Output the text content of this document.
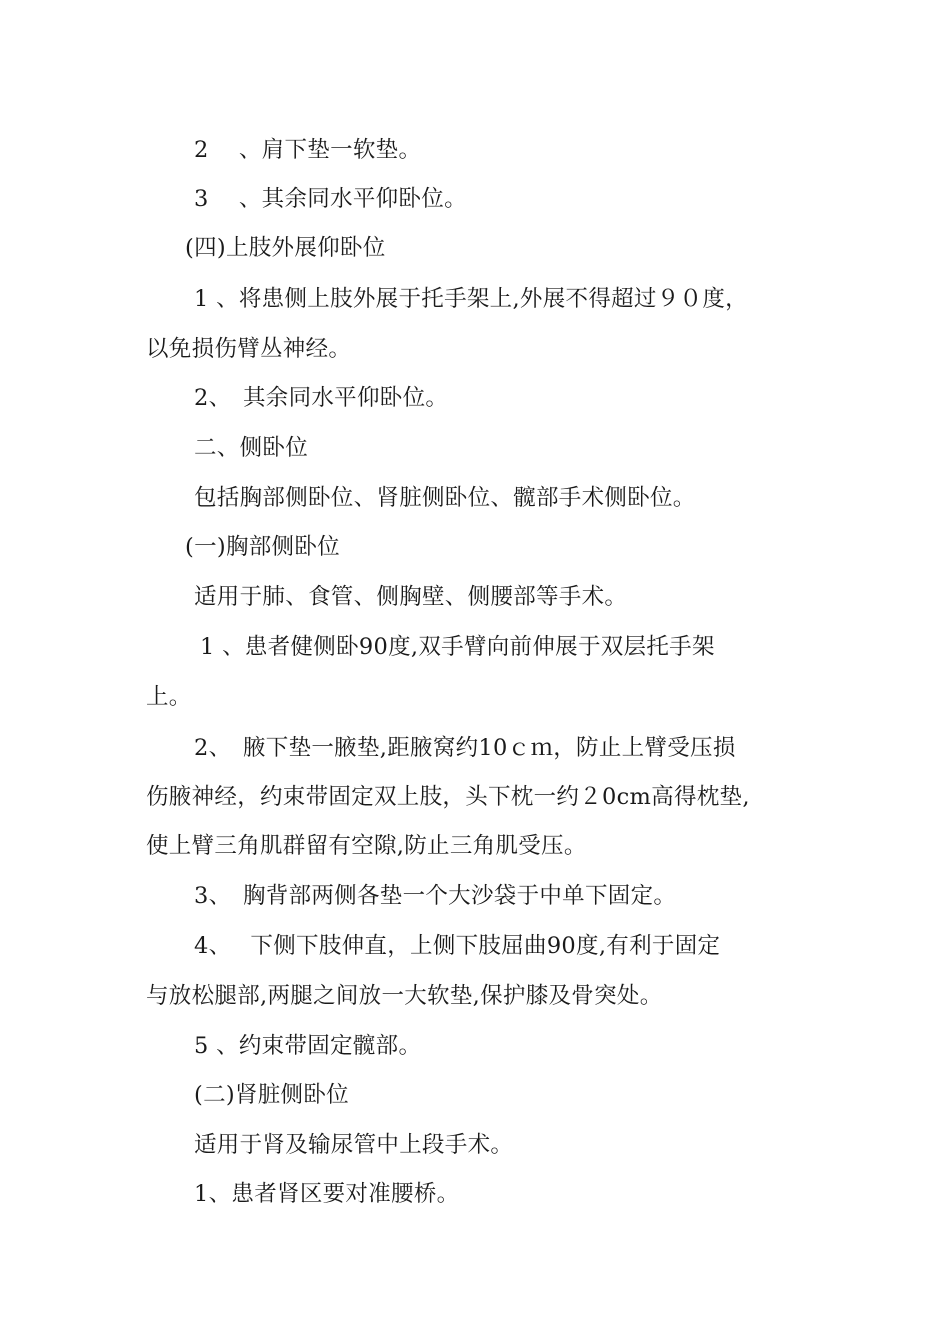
2　 、肩下垫一软垫。
3　 、其余同水平仰卧位。
(四)上肢外展仰卧位
1 、将患侧上肢外展于托手架上,外展不得超过９０度，
以免损伤臂丛神经。
2、　其余同水平仰卧位。
二、侧卧位
包括胸部侧卧位、肾脏侧卧位、髋部手术侧卧位。
(一)胸部侧卧位
适用于肺、食管、侧胸壁、侧腰部等手术。
1 、患者健侧卧90度,双手臂向前伸展于双层托手架
上。
2、　腋下垫一腋垫,距腋窝约10ｃｍ，防止上臂受压损
伤腋神经，约束带固定双上肢，头下枕一约２0cm高得枕垫,
使上臂三角肌群留有空隙,防止三角肌受压。
3、　胸背部两侧各垫一个大沙袋于中单下固定。
4、　 下侧下肢伸直，上侧下肢屈曲90度,有利于固定
与放松腿部,两腿之间放一大软垫,保护膝及骨突处。
5 、约束带固定髋部。
(二)肾脏侧卧位
适用于肾及输尿管中上段手术。
1、患者肾区要对准腰桥。
